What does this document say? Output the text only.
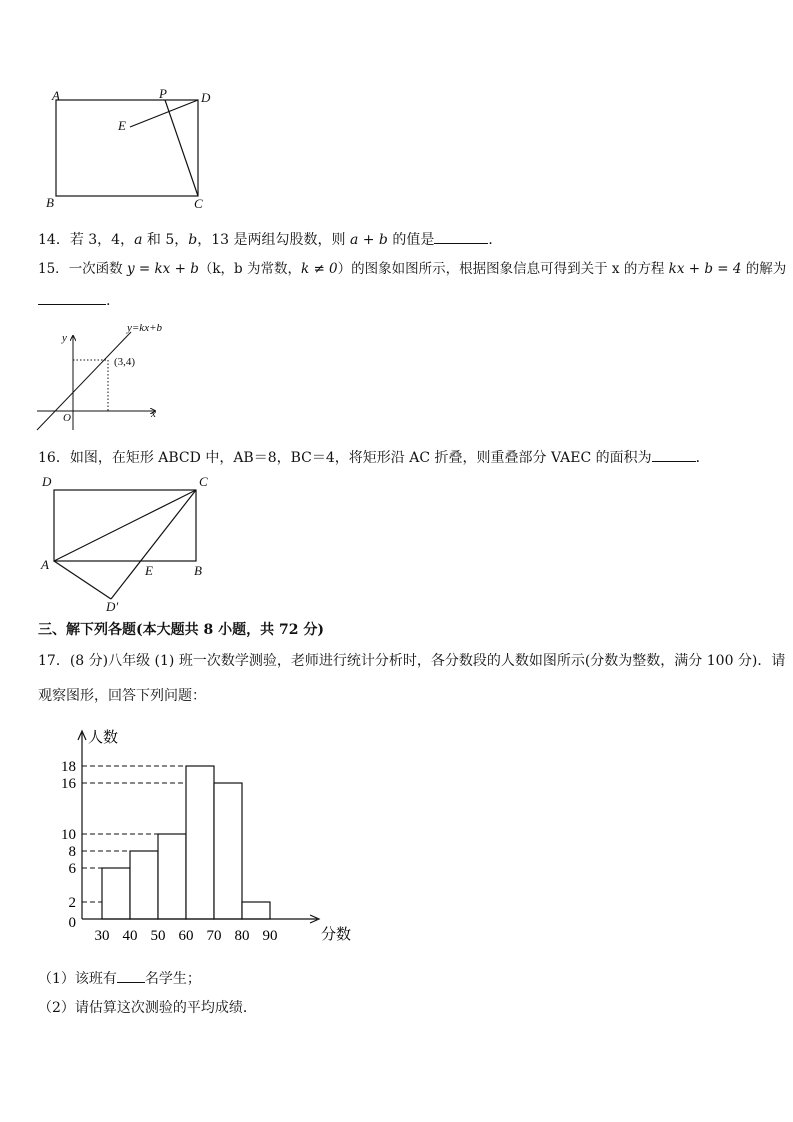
A	P	D
E
B	C
14．若 3，4，a 和 5，b，13 是两组勾股数，则 a + b 的值是	．
15．一次函数 y = kx + b（k，b 为常数，k ≠ 0）的图象如图所示，根据图象信息可得到关于 x 的方程 kx + b = 4 的解为
.
y=kx+b
(3,4)
y
x
O
16．如图，在矩形 ABCD 中，AB＝8，BC＝4，将矩形沿 AC 折叠，则重叠部分 VAEC 的面积为	．
D	C
A	E	B
D′
三、解下列各题(本大题共 8 小题，共 72 分)
17．(8 分)八年级 (1) 班一次数学测验，老师进行统计分析时，各分数段的人数如图所示(分数为整数，满分 100 分)．请
观察图形，回答下列问题：
0
2
6
8
10
16
18
30 40 50 60 70 80 90
人数
分数
（1）该班有 名学生；
（2）请估算这次测验的平均成绩．
